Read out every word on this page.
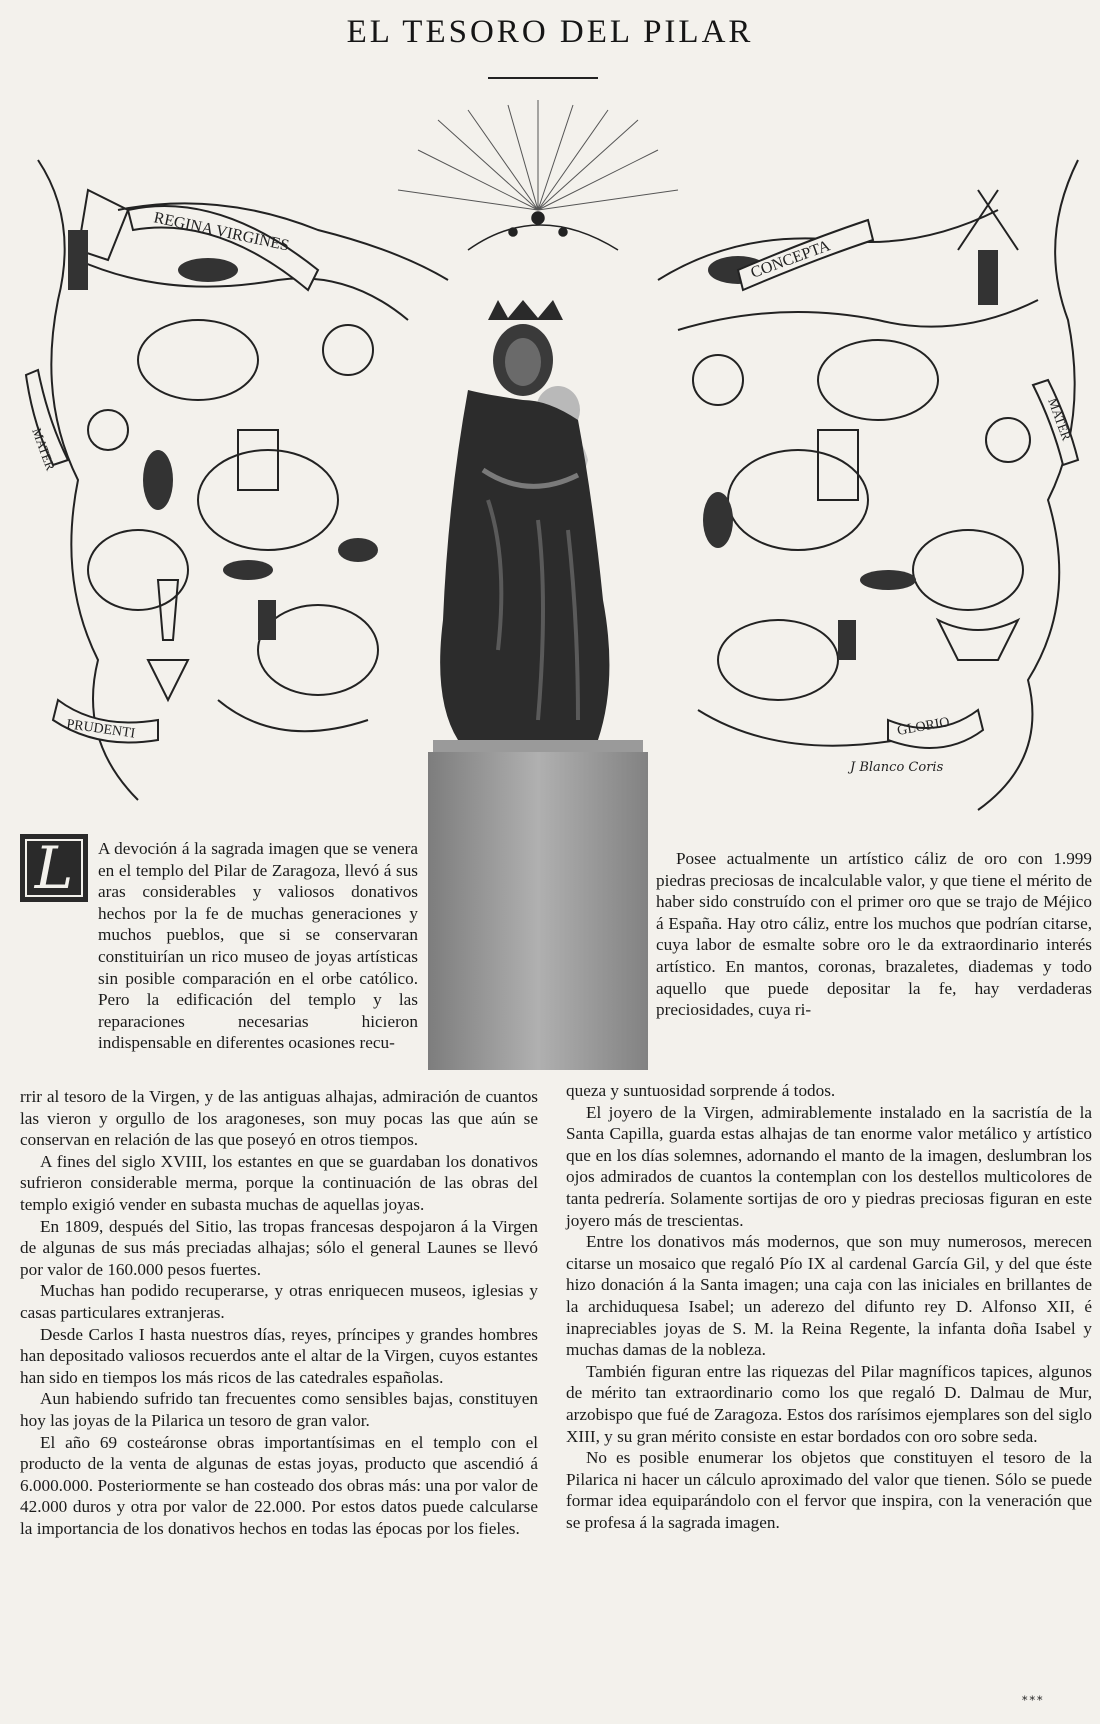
EL TESORO DEL PILAR
REGINA VIRGINES
CONCEPTA
MATER
MATER
PRUDENTI	GLORIO
J Blanco Coris
L	A devoción á la sagrada imagen que se venera en el templo del Pilar de Zaragoza, llevó á sus aras considerables y valiosos donativos hechos por la fe de muchas generaciones y muchos pueblos, que si se conservaran constituirían un rico museo de joyas artísticas sin posible comparación en el orbe católico. Pero la edificación del templo y las reparaciones necesarias hicieron indispensable en diferentes ocasiones recu-

rrir al tesoro de la Virgen, y de las antiguas alhajas, admiración de cuantos las vieron y orgullo de los aragoneses, son muy pocas las que aún se conservan en relación de las que poseyó en otros tiempos.

A fines del siglo XVIII, los estantes en que se guardaban los donativos sufrieron considerable merma, porque la continuación de las obras del templo exigió vender en subasta muchas de aquellas joyas.

En 1809, después del Sitio, las tropas francesas despojaron á la Virgen de algunas de sus más preciadas alhajas; sólo el general Launes se llevó por valor de 160.000 pesos fuertes.

Muchas han podido recuperarse, y otras enriquecen museos, iglesias y casas particulares extranjeras.

Desde Carlos I hasta nuestros días, reyes, príncipes y grandes hombres han depositado valiosos recuerdos ante el altar de la Virgen, cuyos estantes han sido en tiempos los más ricos de las catedrales españolas.

Aun habiendo sufrido tan frecuentes como sensibles bajas, constituyen hoy las joyas de la Pilarica un tesoro de gran valor.

El año 69 costeáronse obras importantísimas en el templo con el producto de la venta de algunas de estas joyas, producto que ascendió á 6.000.000. Posteriormente se han costeado dos obras más: una por valor de 42.000 duros y otra por valor de 22.000. Por estos datos puede calcularse la importancia de los donativos hechos en todas las épocas por los fieles.

Posee actualmente un artístico cáliz de oro con 1.999 piedras preciosas de incalculable valor, y que tiene el mérito de haber sido construído con el primer oro que se trajo de Méjico á España. Hay otro cáliz, entre los muchos que podrían citarse, cuya labor de esmalte sobre oro le da extraordinario interés artístico. En mantos, coronas, brazaletes, diademas y todo aquello que puede depositar la fe, hay verdaderas preciosidades, cuya ri-

queza y suntuosidad sorprende á todos.

El joyero de la Virgen, admirablemente instalado en la sacristía de la Santa Capilla, guarda estas alhajas de tan enorme valor metálico y artístico que en los días solemnes, adornando el manto de la imagen, deslumbran los ojos admirados de cuantos la contemplan con los destellos multicolores de tanta pedrería. Solamente sortijas de oro y piedras preciosas figuran en este joyero más de trescientas.

Entre los donativos más modernos, que son muy numerosos, merecen citarse un mosaico que regaló Pío IX al cardenal García Gil, y del que éste hizo donación á la Santa imagen; una caja con las iniciales en brillantes de la archiduquesa Isabel; un aderezo del difunto rey D. Alfonso XII, é inapreciables joyas de S. M. la Reina Regente, la infanta doña Isabel y muchas damas de la nobleza.

También figuran entre las riquezas del Pilar magníficos tapices, algunos de mérito tan extraordinario como los que regaló D. Dalmau de Mur, arzobispo que fué de Zaragoza. Estos dos rarísimos ejemplares son del siglo XIII, y su gran mérito consiste en estar bordados con oro sobre seda.

No es posible enumerar los objetos que constituyen el tesoro de la Pilarica ni hacer un cálculo aproximado del valor que tienen. Sólo se puede formar idea equiparándolo con el fervor que inspira, con la veneración que se profesa á la sagrada imagen.

***
